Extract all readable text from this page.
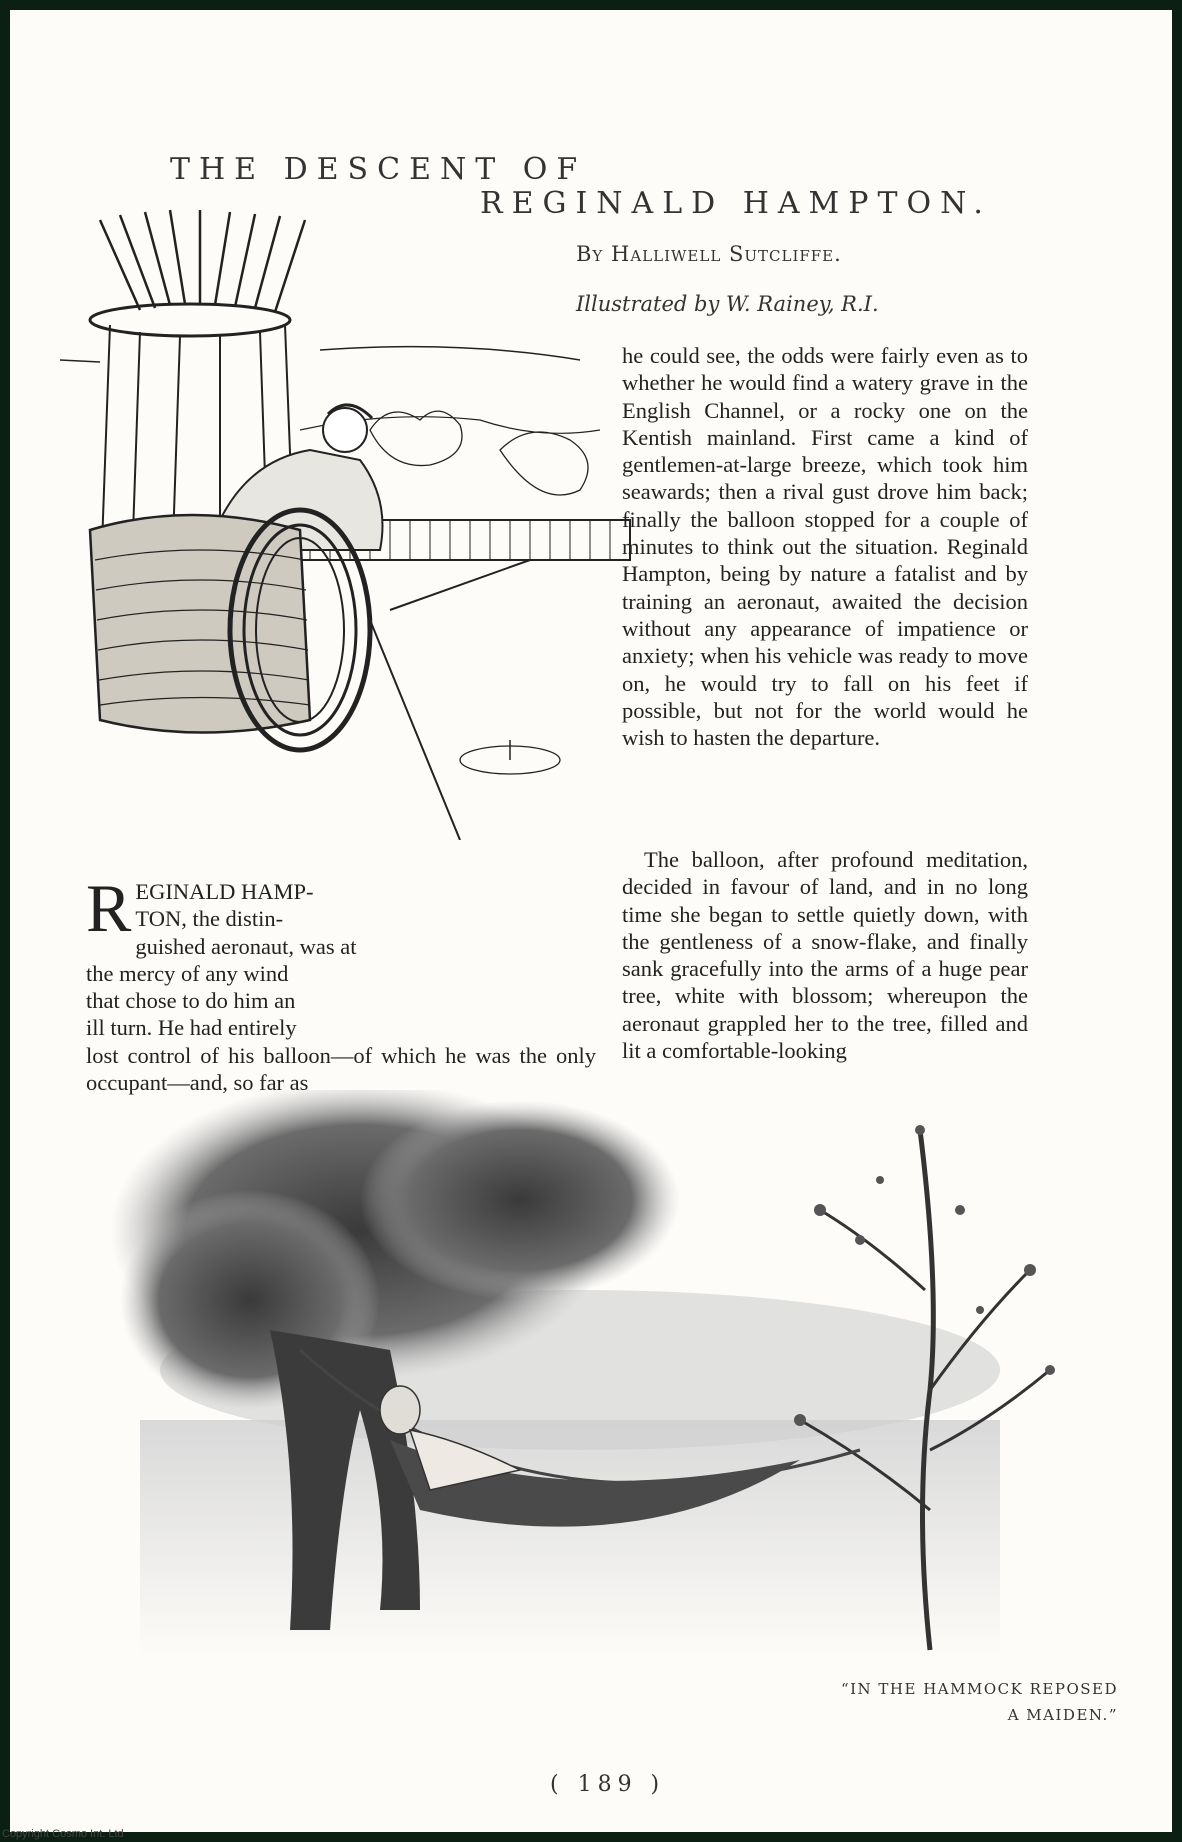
THE DESCENT OF
REGINALD HAMPTON.
By Halliwell Sutcliffe.
Illustrated by W. Rainey, R.I.

he could see, the odds were fairly even as to whether he would find a watery grave in the English Channel, or a rocky one on the Kentish mainland. First came a kind of gentlemen-at-large breeze, which took him seawards; then a rival gust drove him back; finally the balloon stopped for a couple of minutes to think out the situation. Reginald Hampton, being by nature a fatalist and by training an aeronaut, awaited the decision without any appearance of impatience or anxiety; when his vehicle was ready to move on, he would try to fall on his feet if possible, but not for the world would he wish to hasten the departure.

The balloon, after profound meditation, decided in favour of land, and in no long time she began to settle quietly down, with the gentleness of a snow-flake, and finally sank gracefully into the arms of a huge pear tree, white with blossom; whereupon the aeronaut grappled her to the tree, filled and lit a comfortable-looking

R EGINALD HAMP-
TON, the distin-
guished aeronaut, was at
the mercy of any wind
that chose to do him an
ill turn. He had entirely
lost control of his balloon—of which he was the only occupant—and, so far as
“IN THE HAMMOCK REPOSED
A MAIDEN.”
( 189 )
Copyright Cosmo Int. Ltd
